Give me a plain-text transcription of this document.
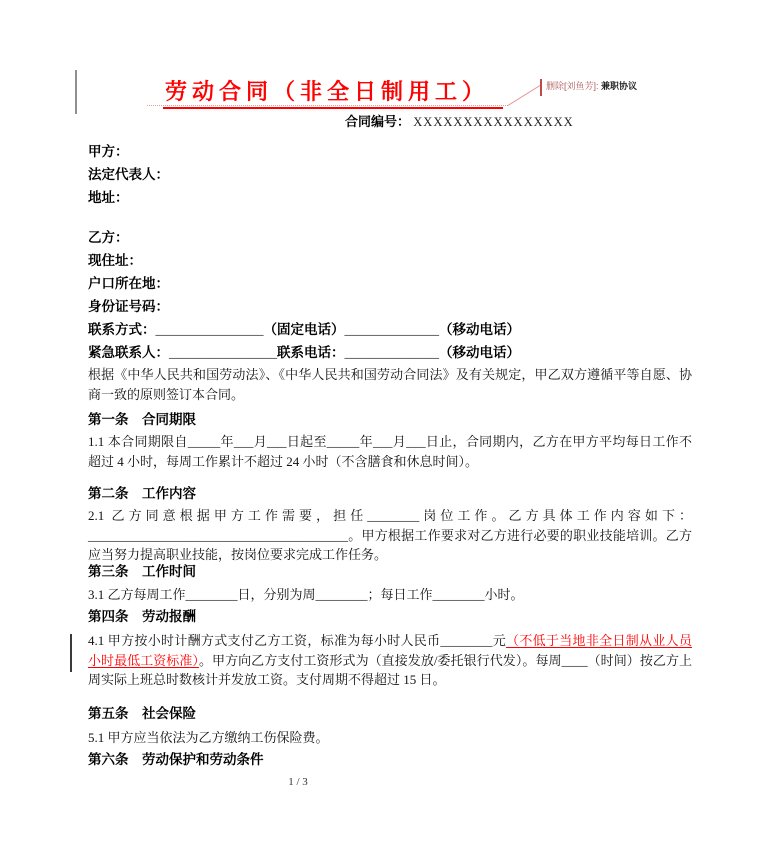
劳动合同（非全日制用工）	删除[刘鱼芳]: 兼职协议
合同编号： XXXXXXXXXXXXXXXX
甲方：
法定代表人：
地址：
乙方：
现住址：
户口所在地：
身份证号码：
联系方式：________________（固定电话）______________（移动电话）
紧急联系人：________________联系电话：______________（移动电话）
根据《中华人民共和国劳动法》、《中华人民共和国劳动合同法》及有关规定，甲乙双方遵循平等自愿、协商一致的原则签订本合同。
第一条　合同期限
1.1 本合同期限自_____年___月___日起至_____年___月___日止，合同期内，乙方在甲方平均每日工作不超过 4 小时，每周工作累计不超过 24 小时（不含膳食和休息时间）。
第二条　工作内容
2.1 乙方同意根据甲方工作需要，担任________岗位工作。乙方具体工作内容如下：________________________________________。甲方根据工作要求对乙方进行必要的职业技能培训。乙方应当努力提高职业技能，按岗位要求完成工作任务。
第三条　工作时间
3.1 乙方每周工作________日，分别为周________；每日工作________小时。
第四条　劳动报酬
4.1 甲方按小时计酬方式支付乙方工资，标准为每小时人民币________元（不低于当地非全日制从业人员小时最低工资标准）。甲方向乙方支付工资形式为（直接发放/委托银行代发）。每周____（时间）按乙方上周实际上班总时数核计并发放工资。支付周期不得超过 15 日。
第五条　社会保险
5.1 甲方应当依法为乙方缴纳工伤保险费。
第六条　劳动保护和劳动条件
1 / 3
